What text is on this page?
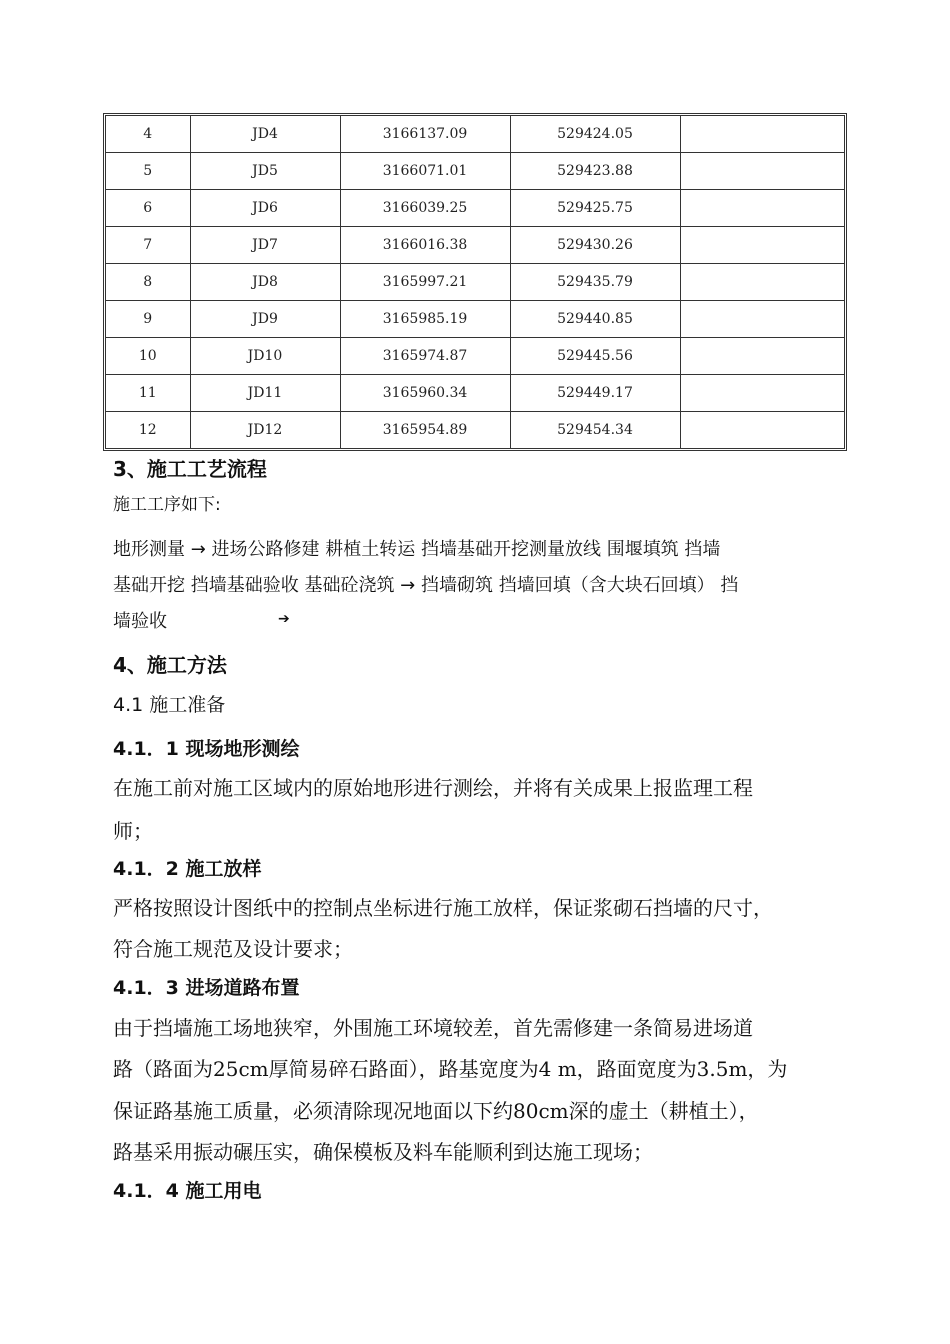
4	JD4	3166137.09	529424.05	
5	JD5	3166071.01	529423.88	
6	JD6	3166039.25	529425.75	
7	JD7	3166016.38	529430.26	
8	JD8	3165997.21	529435.79	
9	JD9	3165985.19	529440.85	
10	JD10	3165974.87	529445.56	
11	JD11	3165960.34	529449.17	
12	JD12	3165954.89	529454.34	
3、施工工艺流程
施工工序如下:
地形测量 → 进场公路修建 耕植土转运 挡墙基础开挖测量放线 围堰填筑 挡墙
基础开挖 挡墙基础验收 基础砼浇筑 → 挡墙砌筑 挡墙回填（含大块石回填） 挡
墙验收	➔
4、施工方法
4.1 施工准备
4.1．1 现场地形测绘
在施工前对施工区域内的原始地形进行测绘，并将有关成果上报监理工程
师；
4.1．2 施工放样
严格按照设计图纸中的控制点坐标进行施工放样，保证浆砌石挡墙的尺寸，
符合施工规范及设计要求；
4.1．3 进场道路布置
由于挡墙施工场地狭窄，外围施工环境较差，首先需修建一条简易进场道
路（路面为25cm厚简易碎石路面），路基宽度为4 m，路面宽度为3.5m，为
保证路基施工质量，必须清除现况地面以下约80cm深的虚土（耕植土），
路基采用振动碾压实，确保模板及料车能顺利到达施工现场；
4.1．4 施工用电
